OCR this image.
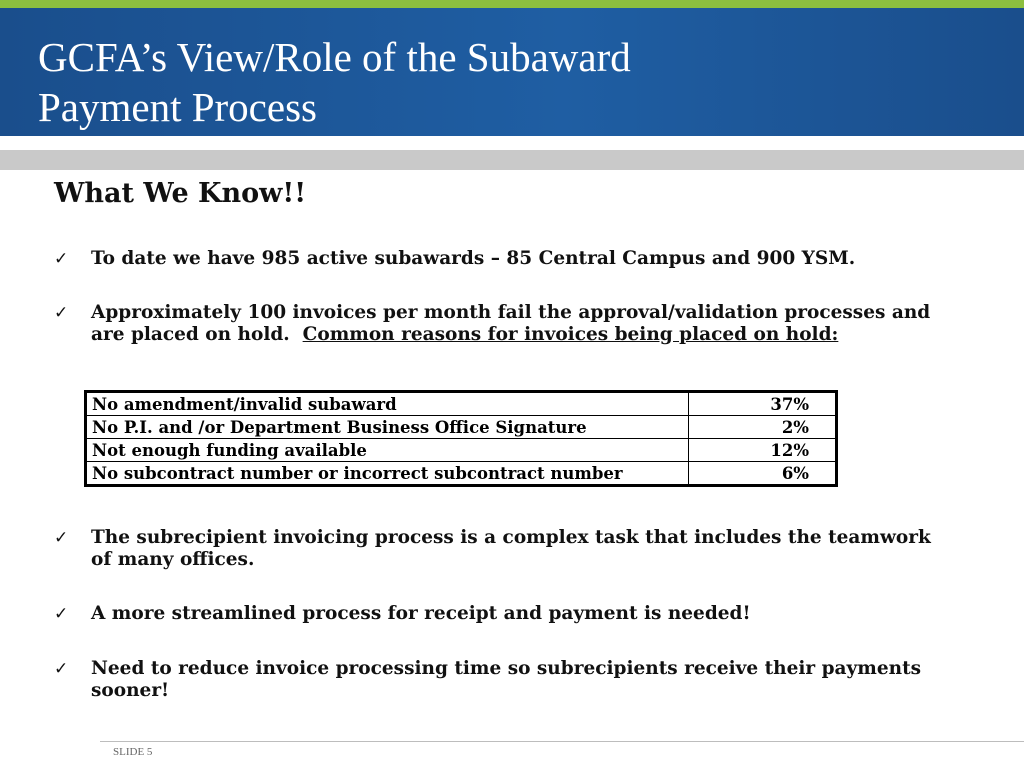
GCFA’s View/Role of the Subaward
Payment Process
What We Know!!
✓	To date we have 985 active subawards – 85 Central Campus and 900 YSM.
✓	Approximately 100 invoices per month fail the approval/validation processes and are placed on hold. Common reasons for invoices being placed on hold:
No amendment/invalid subaward	37%
No P.I. and /or Department Business Office Signature	2%
Not enough funding available	12%
No subcontract number or incorrect subcontract number	6%
✓	The subrecipient invoicing process is a complex task that includes the teamwork of many offices.
✓	A more streamlined process for receipt and payment is needed!
✓	Need to reduce invoice processing time so subrecipients receive their payments sooner!
SLIDE 5
